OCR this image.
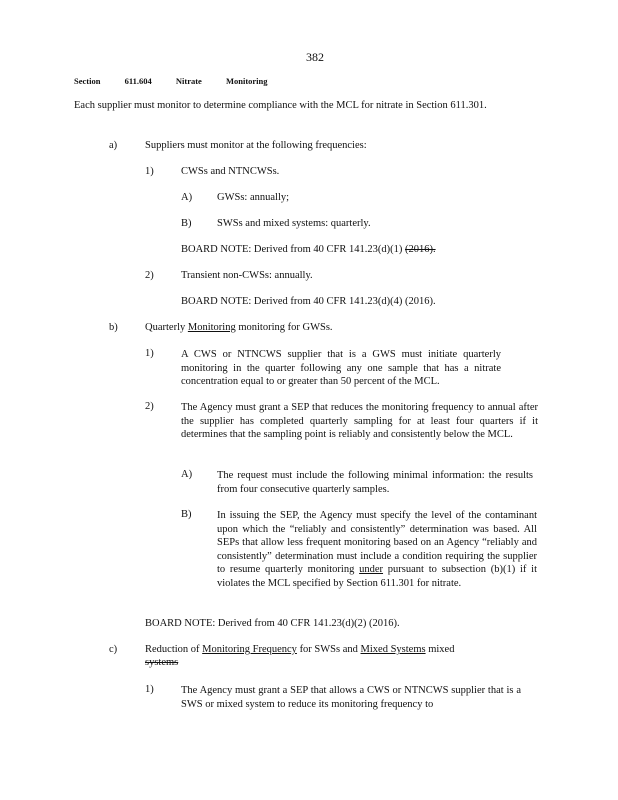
382
Section	611.604	Nitrate	Monitoring
Each supplier must monitor to determine compliance with the MCL for nitrate in Section 611.301.
a)	Suppliers must monitor at the following frequencies:
1)	CWSs and NTNCWSs.
A) GWSs: annually;
B) SWSs and mixed systems: quarterly.
BOARD NOTE: Derived from 40 CFR 141.23(d)(1) (2016).
2)	Transient non-CWSs: annually.
BOARD NOTE: Derived from 40 CFR 141.23(d)(4) (2016).
b)	Quarterly Monitoring monitoring for GWSs.
1)	A CWS or NTNCWS supplier that is a GWS must initiate quarterly monitoring in the quarter following any one sample that has a nitrate concentration equal to or greater than 50 percent of the MCL.
2)	The Agency must grant a SEP that reduces the monitoring frequency to annual after the supplier has completed quarterly sampling for at least four quarters if it determines that the sampling point is reliably and consistently below the MCL.
A) The request must include the following minimal information: the results from four consecutive quarterly samples.
B) In issuing the SEP, the Agency must specify the level of the contaminant upon which the “reliably and consistently” determination was based. All SEPs that allow less frequent monitoring based on an Agency “reliably and consistently” determination must include a condition requiring the supplier to resume quarterly monitoring under pursuant to subsection (b)(1) if it violates the MCL specified by Section 611.301 for nitrate.
BOARD NOTE: Derived from 40 CFR 141.23(d)(2) (2016).
c)	Reduction of Monitoring Frequency for SWSs and Mixed Systems mixed
systems
1)	The Agency must grant a SEP that allows a CWS or NTNCWS supplier that is a SWS or mixed system to reduce its monitoring frequency to
